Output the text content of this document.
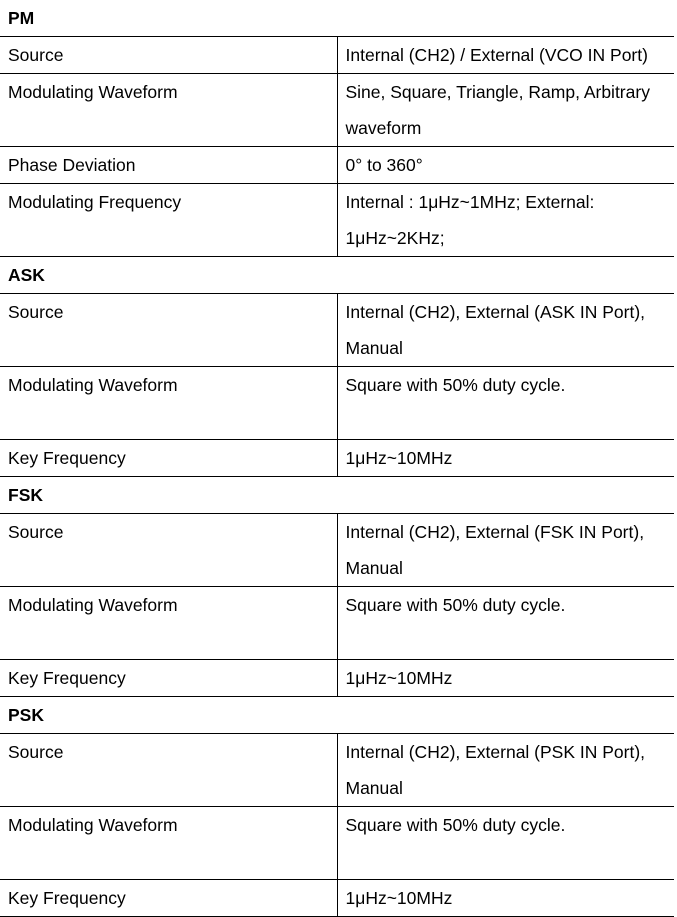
PM	
Source	Internal (CH2) / External (VCO IN Port)
Modulating Waveform	Sine, Square, Triangle, Ramp, Arbitrary waveform
Phase Deviation	0° to 360°
Modulating Frequency	Internal : 1μHz~1MHz; External: 1μHz~2KHz;
ASK	
Source	Internal (CH2), External (ASK IN Port), Manual
Modulating Waveform	Square with 50% duty cycle.
Key Frequency	1μHz~10MHz
FSK	
Source	Internal (CH2), External (FSK IN Port), Manual
Modulating Waveform	Square with 50% duty cycle.
Key Frequency	1μHz~10MHz
PSK	
Source	Internal (CH2), External (PSK IN Port), Manual
Modulating Waveform	Square with 50% duty cycle.
Key Frequency	1μHz~10MHz
